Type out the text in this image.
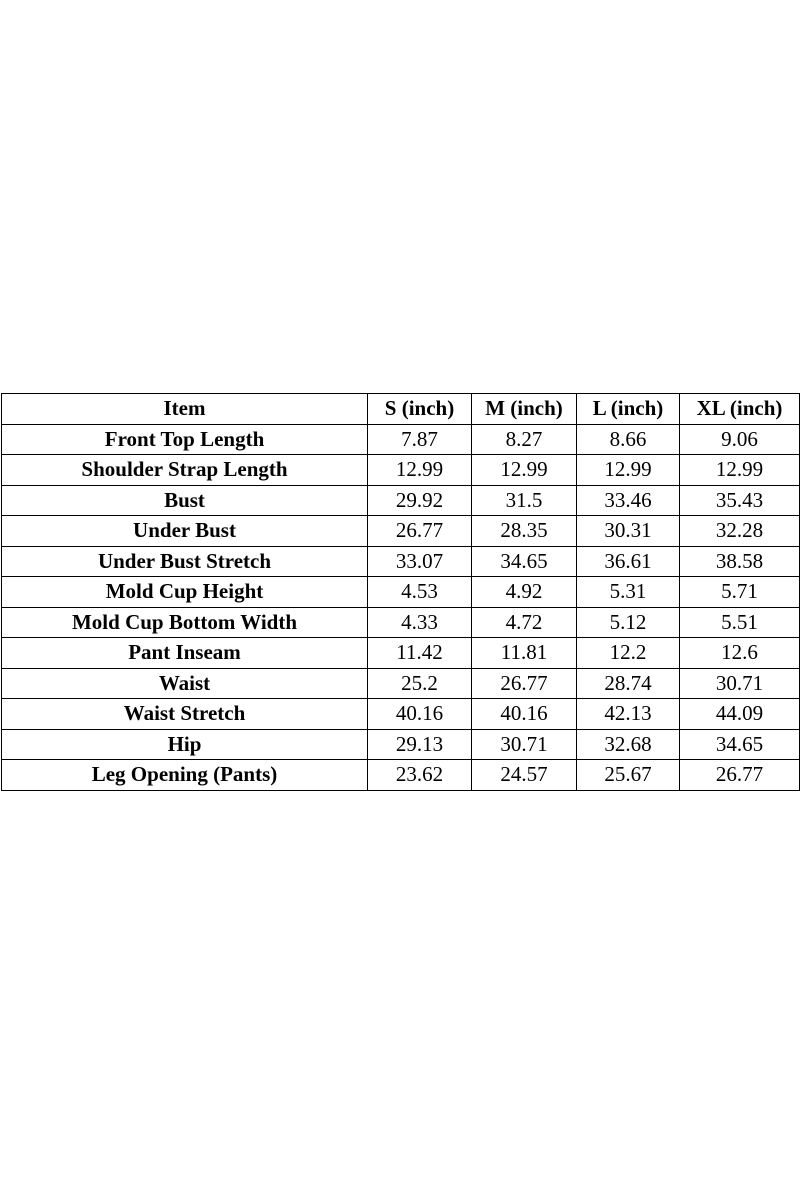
Item	S (inch)	M (inch)	L (inch)	XL (inch)
Front Top Length	7.87	8.27	8.66	9.06
Shoulder Strap Length	12.99	12.99	12.99	12.99
Bust	29.92	31.5	33.46	35.43
Under Bust	26.77	28.35	30.31	32.28
Under Bust Stretch	33.07	34.65	36.61	38.58
Mold Cup Height	4.53	4.92	5.31	5.71
Mold Cup Bottom Width	4.33	4.72	5.12	5.51
Pant Inseam	11.42	11.81	12.2	12.6
Waist	25.2	26.77	28.74	30.71
Waist Stretch	40.16	40.16	42.13	44.09
Hip	29.13	30.71	32.68	34.65
Leg Opening (Pants)	23.62	24.57	25.67	26.77
